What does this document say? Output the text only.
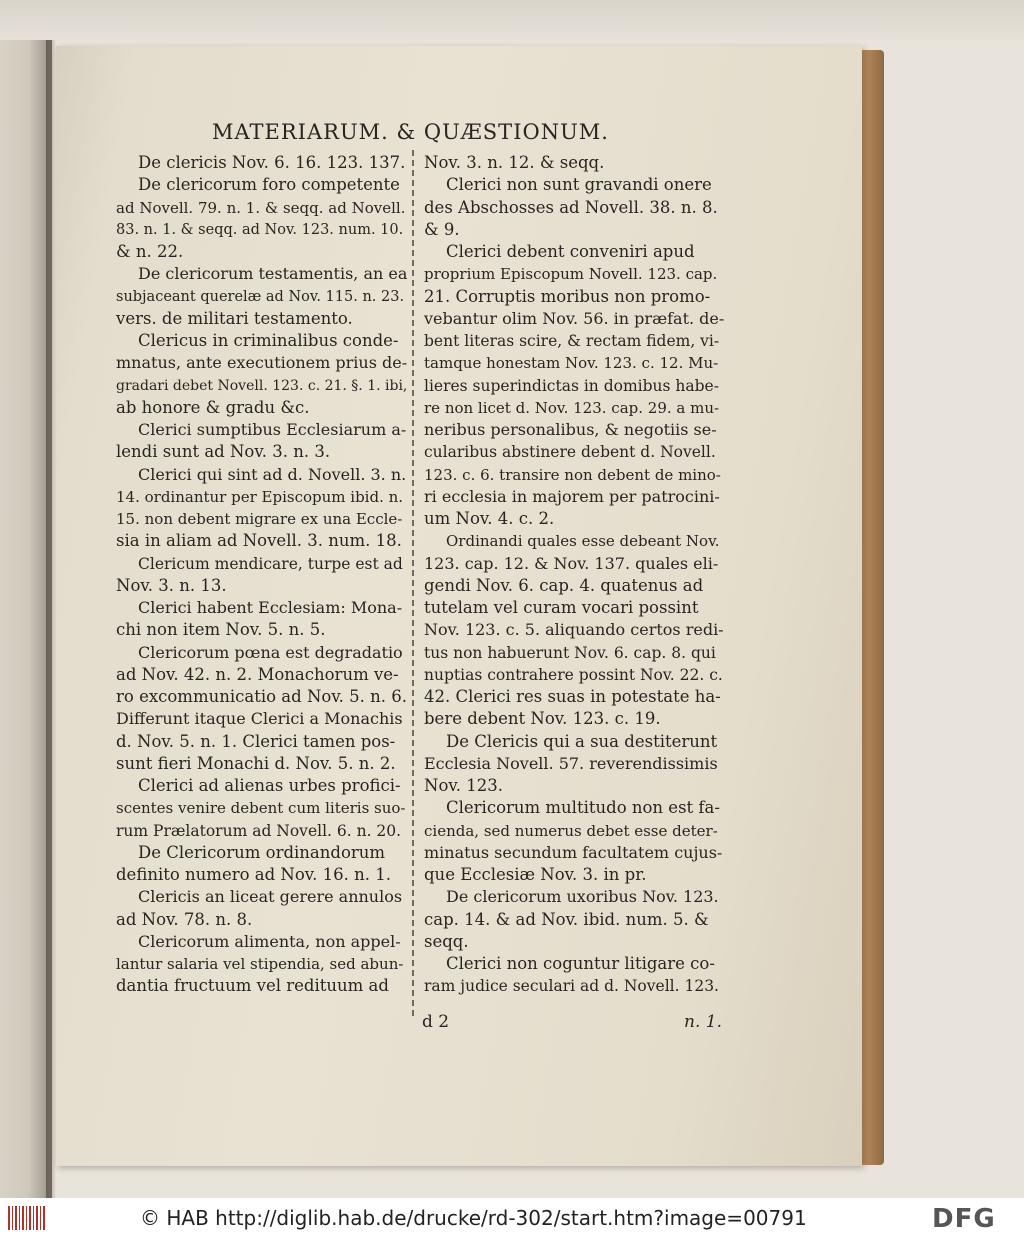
MATERIARUM. & QUÆSTIONUM.
d 2	n. 1.
De clericis Nov. 6. 16. 123. 137.
De clericorum foro competente
ad Novell. 79. n. 1. & seqq. ad Novell.
83. n. 1. & seqq. ad Nov. 123. num. 10.
& n. 22.
De clericorum testamentis, an ea
subjaceant querelæ ad Nov. 115. n. 23.
vers. de militari testamento.
Clericus in criminalibus conde-
mnatus, ante executionem prius de-
gradari debet Novell. 123. c. 21. §. 1. ibi,
ab honore & gradu &c.
Clerici sumptibus Ecclesiarum a-
lendi sunt ad Nov. 3. n. 3.
Clerici qui sint ad d. Novell. 3. n.
14. ordinantur per Episcopum ibid. n.
15. non debent migrare ex una Eccle-
sia in aliam ad Novell. 3. num. 18.
Clericum mendicare, turpe est ad
Nov. 3. n. 13.
Clerici habent Ecclesiam: Mona-
chi non item Nov. 5. n. 5.
Clericorum pœna est degradatio
ad Nov. 42. n. 2. Monachorum ve-
ro excommunicatio ad Nov. 5. n. 6.
Differunt itaque Clerici a Monachis
d. Nov. 5. n. 1. Clerici tamen pos-
sunt fieri Monachi d. Nov. 5. n. 2.
Clerici ad alienas urbes profici-
scentes venire debent cum literis suo-
rum Prælatorum ad Novell. 6. n. 20.
De Clericorum ordinandorum
definito numero ad Nov. 16. n. 1.
Clericis an liceat gerere annulos
ad Nov. 78. n. 8.
Clericorum alimenta, non appel-
lantur salaria vel stipendia, sed abun-
dantia fructuum vel redituum ad
Nov. 3. n. 12. & seqq.
Clerici non sunt gravandi onere
des Abschosses ad Novell. 38. n. 8.
& 9.
Clerici debent conveniri apud
proprium Episcopum Novell. 123. cap.
21. Corruptis moribus non promo-
vebantur olim Nov. 56. in præfat. de-
bent literas scire, & rectam fidem, vi-
tamque honestam Nov. 123. c. 12. Mu-
lieres superindictas in domibus habe-
re non licet d. Nov. 123. cap. 29. a mu-
neribus personalibus, & negotiis se-
cularibus abstinere debent d. Novell.
123. c. 6. transire non debent de mino-
ri ecclesia in majorem per patrocini-
um Nov. 4. c. 2.
Ordinandi quales esse debeant Nov.
123. cap. 12. & Nov. 137. quales eli-
gendi Nov. 6. cap. 4. quatenus ad
tutelam vel curam vocari possint
Nov. 123. c. 5. aliquando certos redi-
tus non habuerunt Nov. 6. cap. 8. qui
nuptias contrahere possint Nov. 22. c.
42. Clerici res suas in potestate ha-
bere debent Nov. 123. c. 19.
De Clericis qui a sua destiterunt
Ecclesia Novell. 57. reverendissimis
Nov. 123.
Clericorum multitudo non est fa-
cienda, sed numerus debet esse deter-
minatus secundum facultatem cujus-
que Ecclesiæ Nov. 3. in pr.
De clericorum uxoribus Nov. 123.
cap. 14. & ad Nov. ibid. num. 5. &
seqq.
Clerici non coguntur litigare co-
ram judice seculari ad d. Novell. 123.
© HAB http://diglib.hab.de/drucke/rd-302/start.htm?image=00791	DFG
